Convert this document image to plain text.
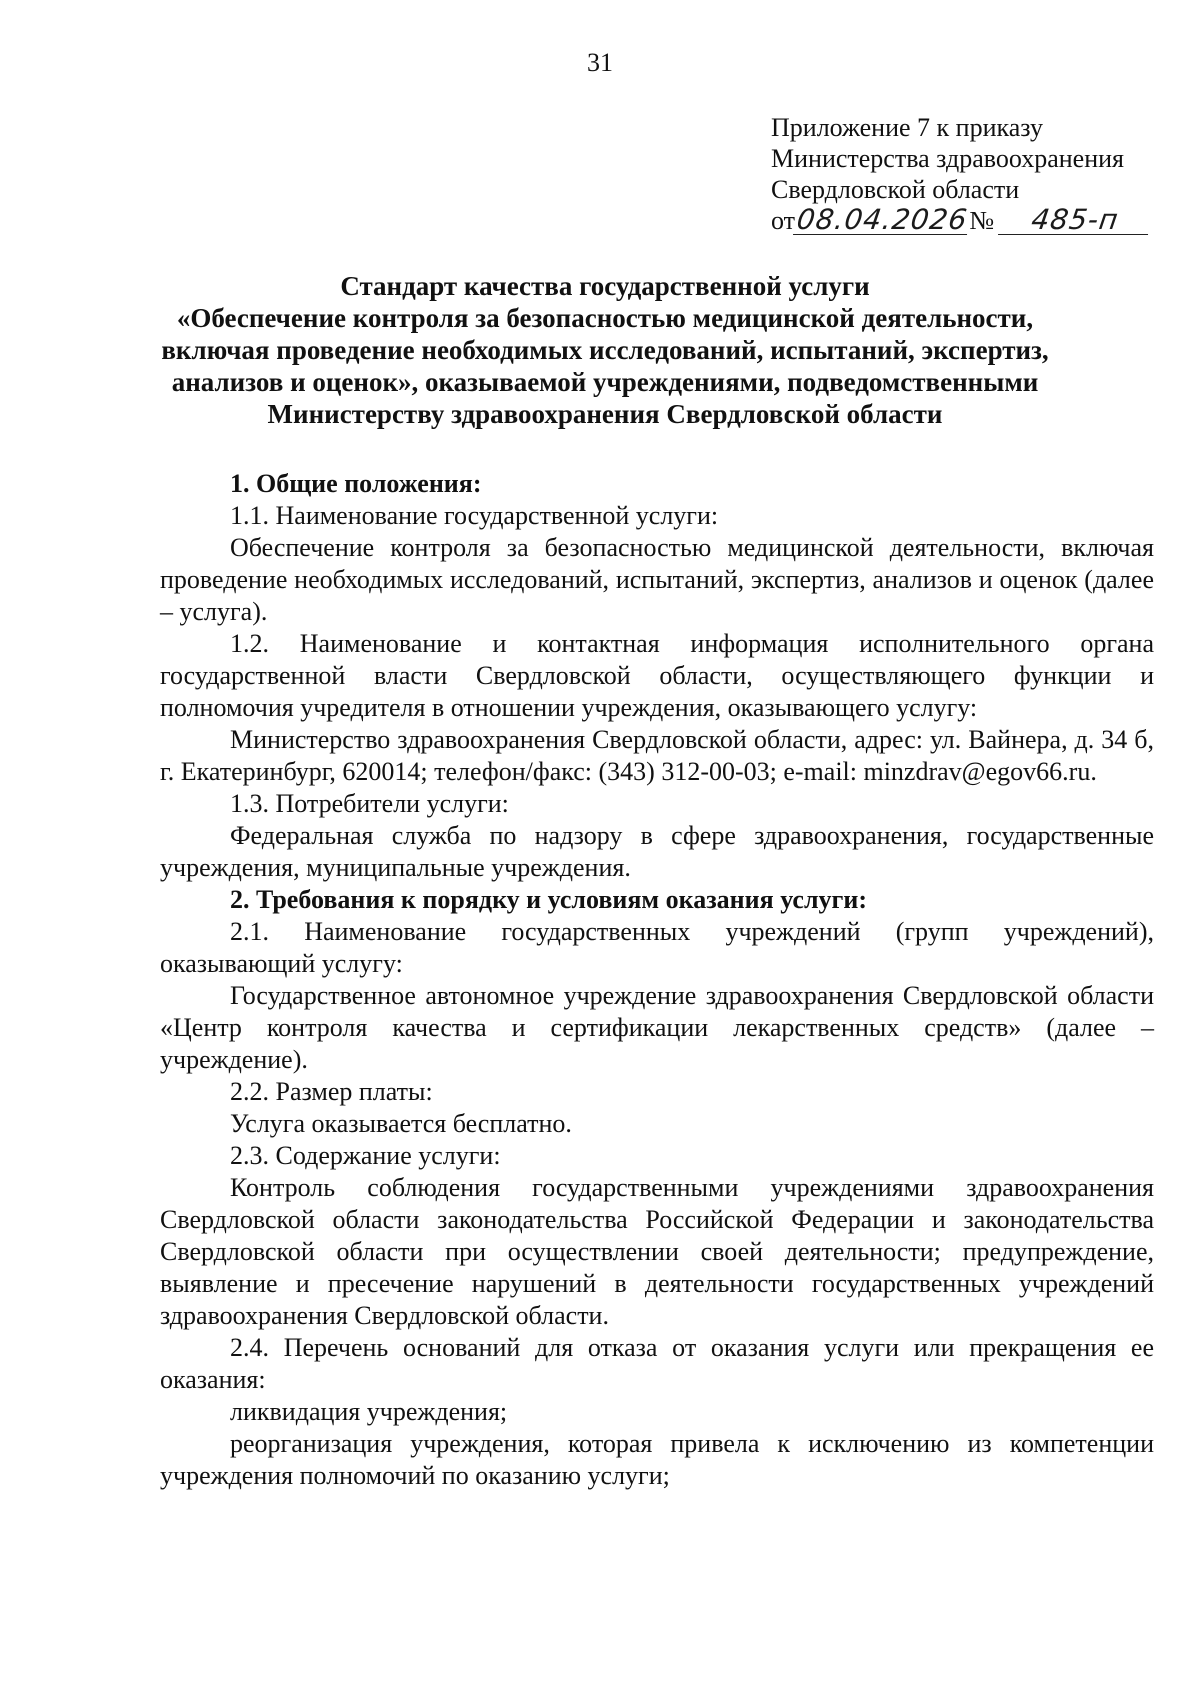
31
Приложение 7 к приказу
Министерства здравоохранения
Свердловской области
от 08.04.2026 №	485-п
Стандарт качества государственной услуги
«Обеспечение контроля за безопасностью медицинской деятельности,
включая проведение необходимых исследований, испытаний, экспертиз,
анализов и оценок», оказываемой учреждениями, подведомственными
Министерству здравоохранения Свердловской области

1. Общие положения:

1.1. Наименование государственной услуги:

Обеспечение контроля за безопасностью медицинской деятельности, включая проведение необходимых исследований, испытаний, экспертиз, анализов и оценок (далее – услуга).

1.2. Наименование и контактная информация исполнительного органа государственной власти Свердловской области, осуществляющего функции и полномочия учредителя в отношении учреждения, оказывающего услугу:

Министерство здравоохранения Свердловской области, адрес: ул. Вайнера, д. 34 б, г. Екатеринбург, 620014; телефон/факс: (343) 312-00-03; e-mail: minzdrav@egov66.ru.

1.3. Потребители услуги:

Федеральная служба по надзору в сфере здравоохранения, государственные учреждения, муниципальные учреждения.

2. Требования к порядку и условиям оказания услуги:

2.1. Наименование государственных учреждений (групп учреждений), оказывающий услугу:

Государственное автономное учреждение здравоохранения Свердловской области «Центр контроля качества и сертификации лекарственных средств» (далее – учреждение).

2.2. Размер платы:

Услуга оказывается бесплатно.

2.3. Содержание услуги:

Контроль соблюдения государственными учреждениями здравоохранения Свердловской области законодательства Российской Федерации и законодательства Свердловской области при осуществлении своей деятельности; предупреждение, выявление и пресечение нарушений в деятельности государственных учреждений здравоохранения Свердловской области.

2.4. Перечень оснований для отказа от оказания услуги или прекращения ее оказания:

ликвидация учреждения;

реорганизация учреждения, которая привела к исключению из компетенции учреждения полномочий по оказанию услуги;
